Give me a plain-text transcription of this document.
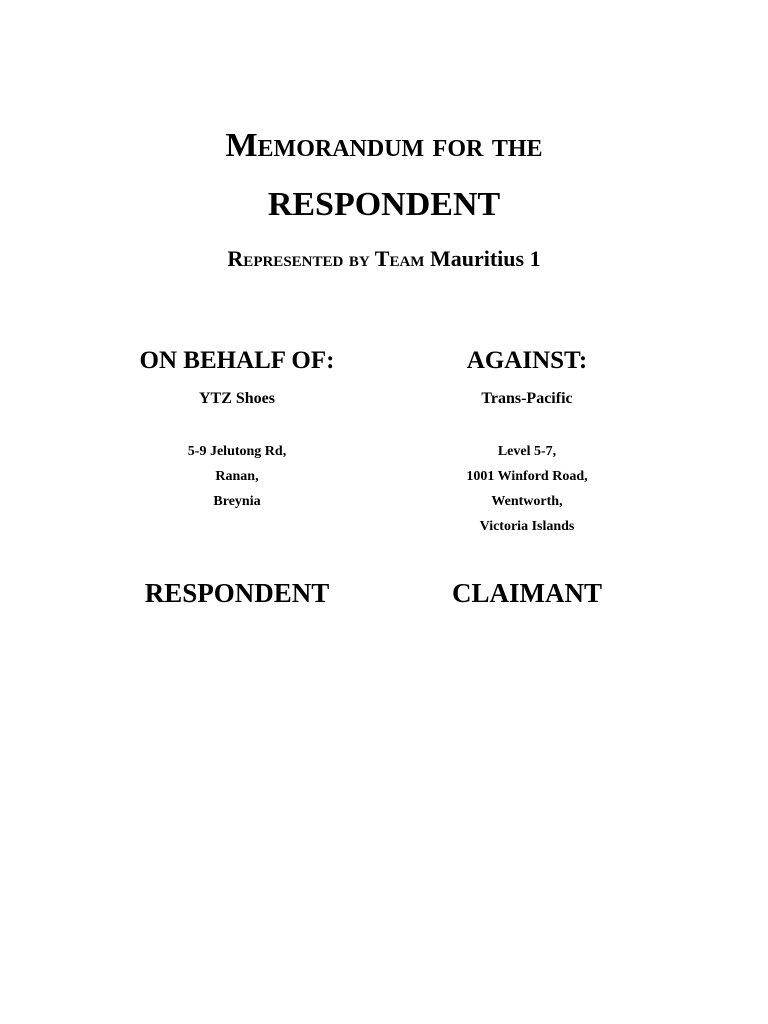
Memorandum for the
RESPONDENT
Represented by Team Mauritius 1
ON BEHALF OF:
YTZ Shoes
5-9 Jelutong Rd,
Ranan,
Breynia
AGAINST:
Trans-Pacific
Level 5-7,
1001 Winford Road,
Wentworth,
Victoria Islands
RESPONDENT	CLAIMANT
